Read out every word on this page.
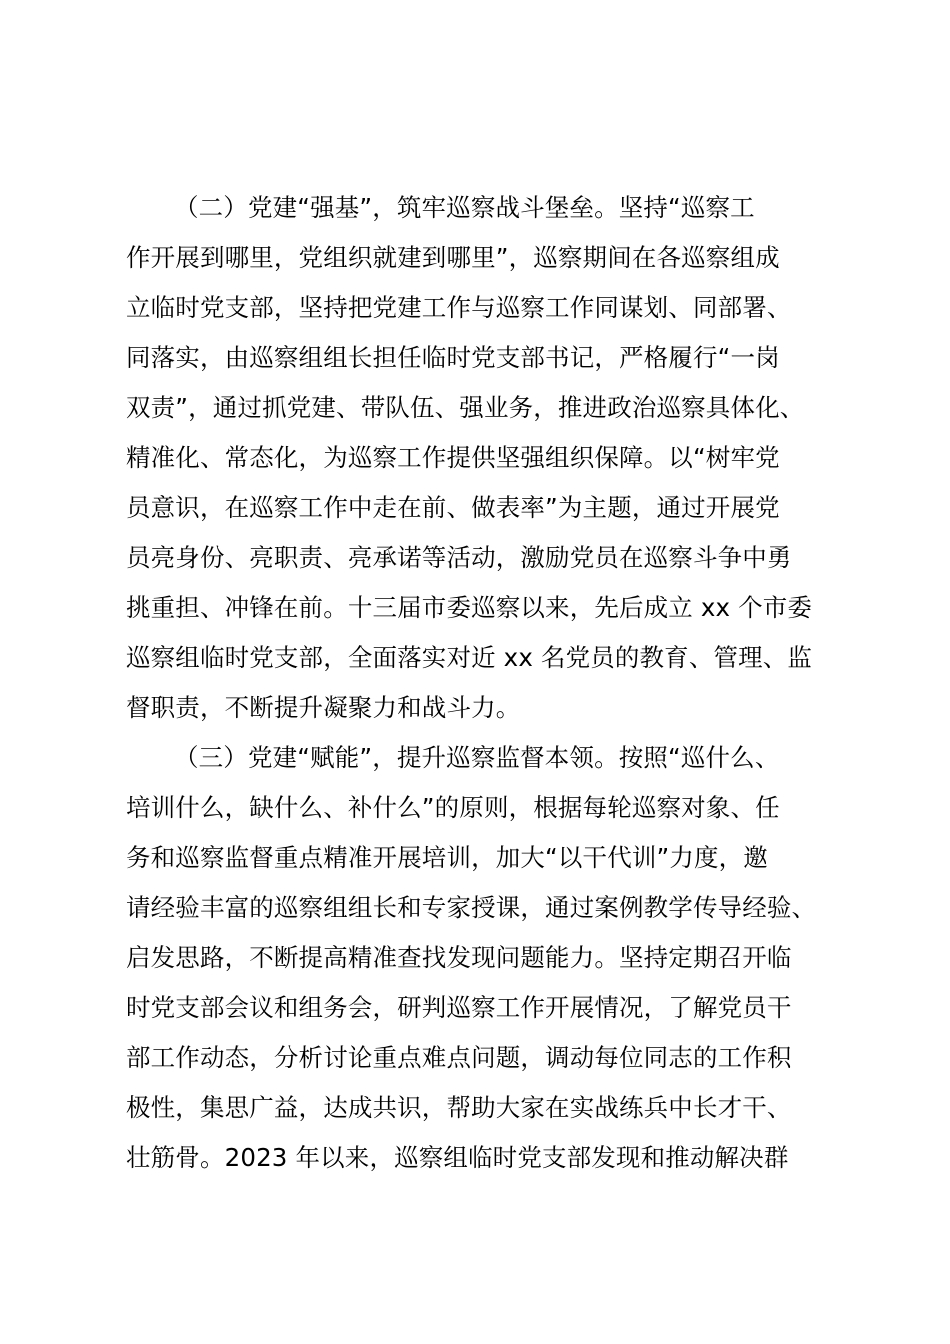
（二）党建“强基”，筑牢巡察战斗堡垒。坚持“巡察工
作开展到哪里，党组织就建到哪里”，巡察期间在各巡察组成
立临时党支部，坚持把党建工作与巡察工作同谋划、同部署、
同落实，由巡察组组长担任临时党支部书记，严格履行“一岗
双责”，通过抓党建、带队伍、强业务，推进政治巡察具体化、
精准化、常态化，为巡察工作提供坚强组织保障。以“树牢党
员意识，在巡察工作中走在前、做表率”为主题，通过开展党
员亮身份、亮职责、亮承诺等活动，激励党员在巡察斗争中勇
挑重担、冲锋在前。十三届市委巡察以来，先后成立 xx 个市委
巡察组临时党支部，全面落实对近 xx 名党员的教育、管理、监
督职责，不断提升凝聚力和战斗力。
（三）党建“赋能”，提升巡察监督本领。按照“巡什么、
培训什么，缺什么、补什么”的原则，根据每轮巡察对象、任
务和巡察监督重点精准开展培训，加大“以干代训”力度，邀
请经验丰富的巡察组组长和专家授课，通过案例教学传导经验、
启发思路，不断提高精准查找发现问题能力。坚持定期召开临
时党支部会议和组务会，研判巡察工作开展情况，了解党员干
部工作动态，分析讨论重点难点问题，调动每位同志的工作积
极性，集思广益，达成共识，帮助大家在实战练兵中长才干、
壮筋骨。2023 年以来，巡察组临时党支部发现和推动解决群
